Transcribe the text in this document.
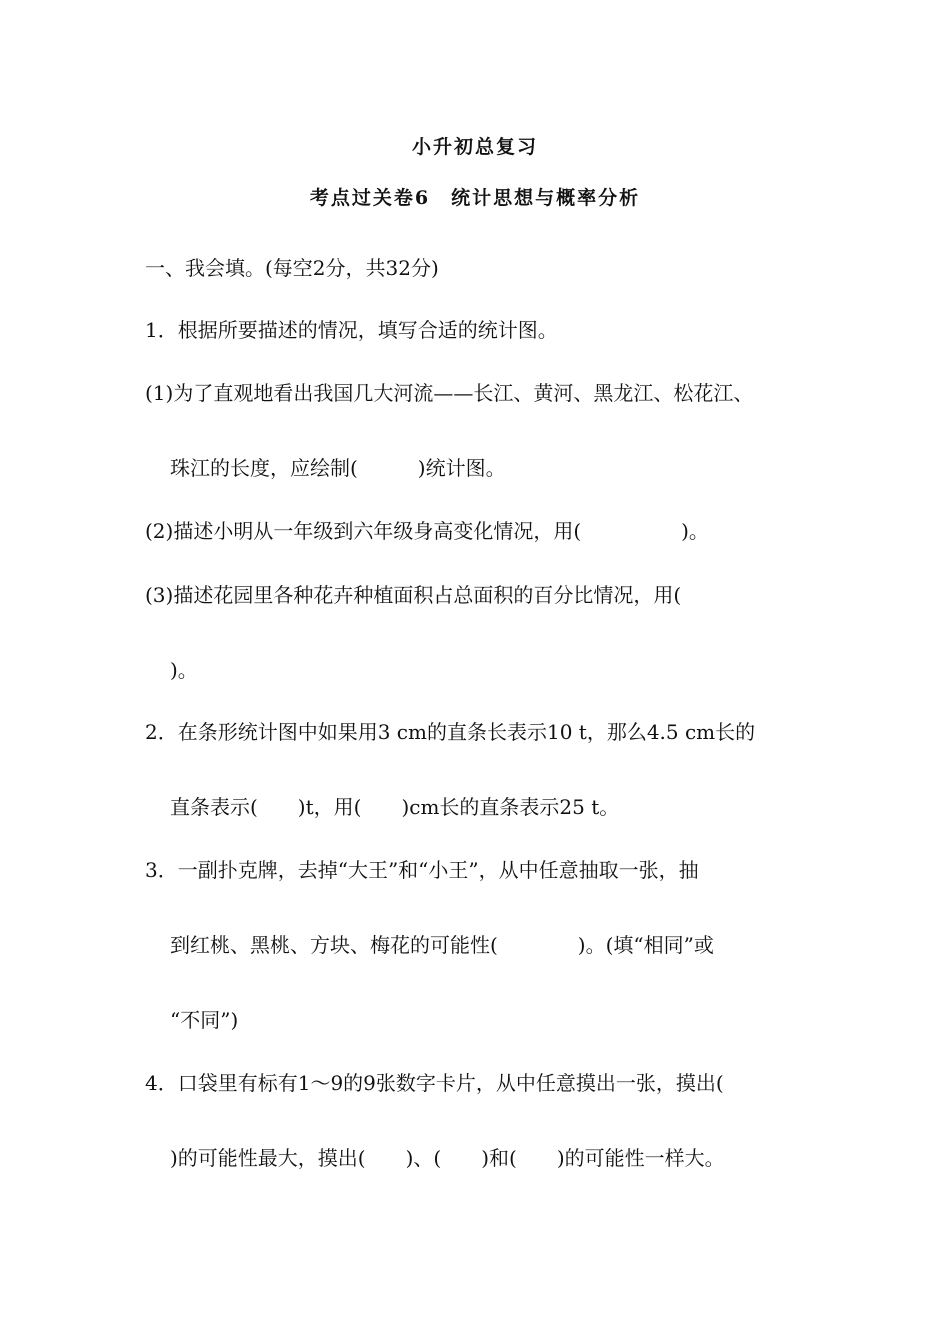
小升初总复习
考点过关卷6　统计思想与概率分析
一、我会填。(每空2分，共32分)
1．根据所要描述的情况，填写合适的统计图。
(1)为了直观地看出我国几大河流——长江、黄河、黑龙江、松花江、
珠江的长度，应绘制(　　　)统计图。
(2)描述小明从一年级到六年级身高变化情况，用(　　　　　)。
(3)描述花园里各种花卉种植面积占总面积的百分比情况，用(
)。
2．在条形统计图中如果用3 cm的直条长表示10 t，那么4.5 cm长的
直条表示(　　)t，用(　　)cm长的直条表示25 t。
3．一副扑克牌，去掉“大王”和“小王”，从中任意抽取一张，抽
到红桃、黑桃、方块、梅花的可能性(　　　　)。(填“相同”或
“不同”)
4．口袋里有标有1～9的9张数字卡片，从中任意摸出一张，摸出(
)的可能性最大，摸出(　　)、(　　)和(　　)的可能性一样大。
